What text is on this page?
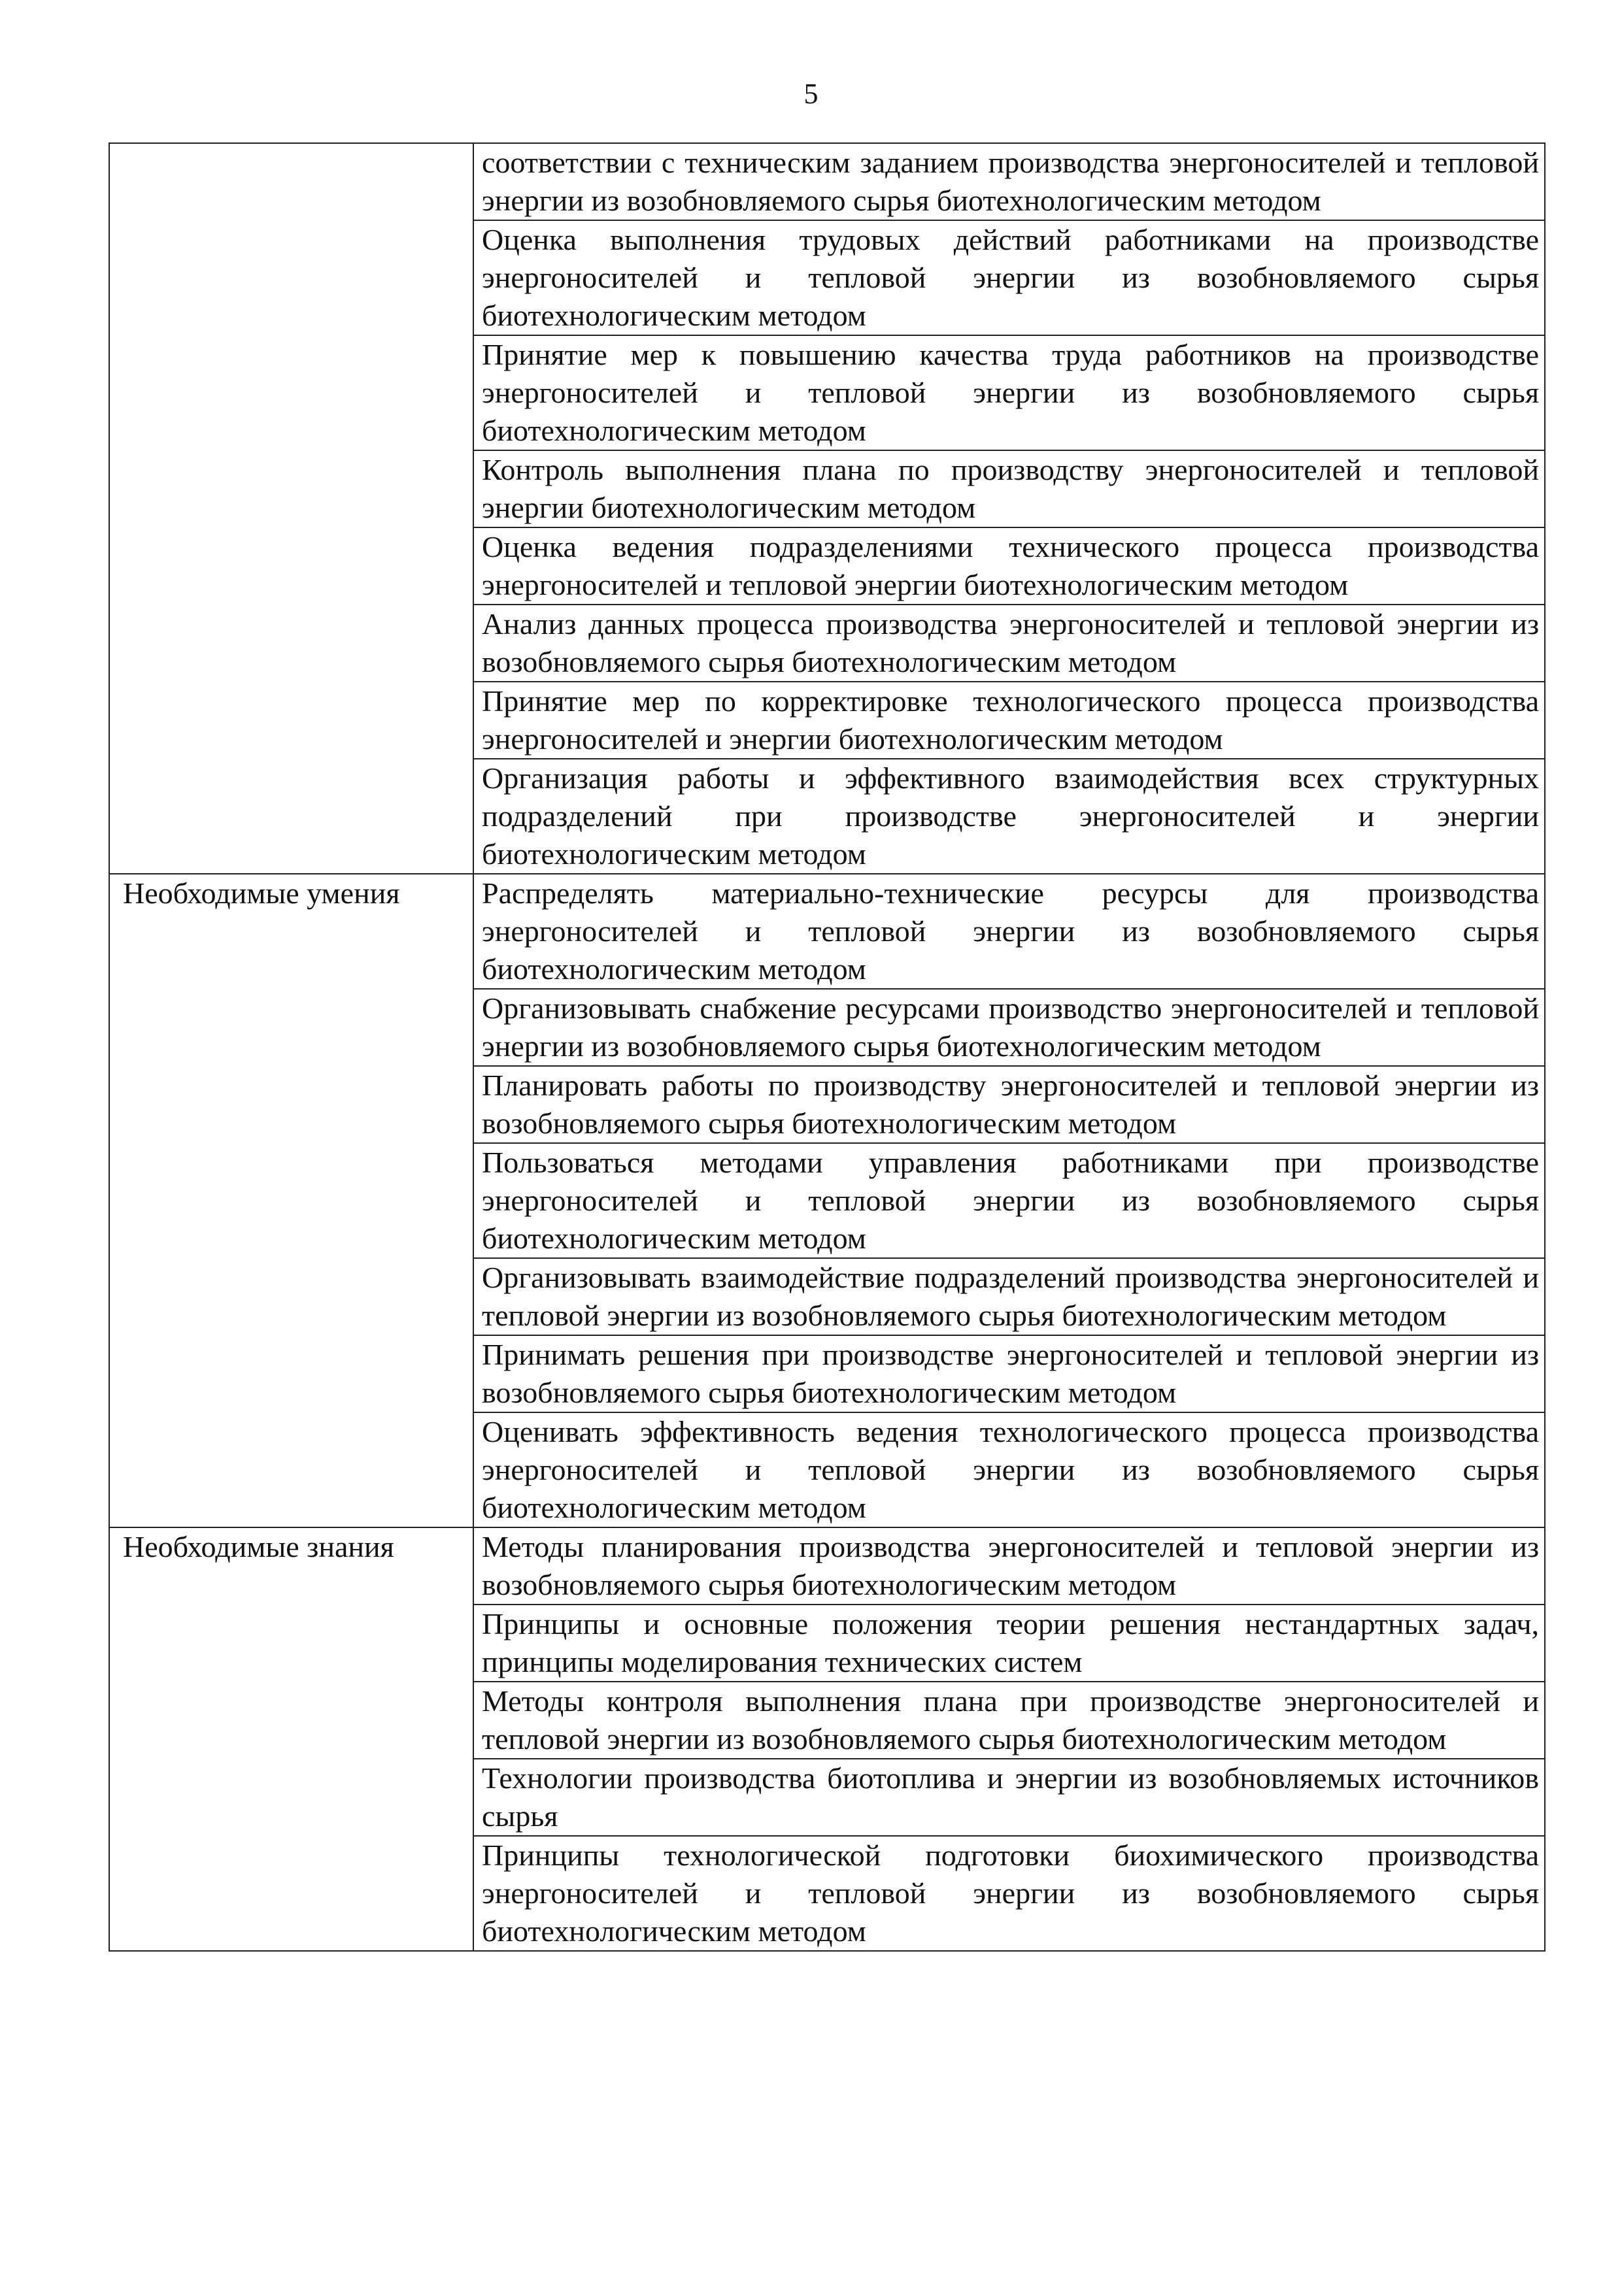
5
	соответствии с техническим заданием производства энергоносителей и тепловой энергии из возобновляемого сырья биотехнологическим методом
	Оценка выполнения трудовых действий работниками на производстве энергоносителей и тепловой энергии из возобновляемого сырья биотехнологическим методом
	Принятие мер к повышению качества труда работников на производстве энергоносителей и тепловой энергии из возобновляемого сырья биотехнологическим методом
	Контроль выполнения плана по производству энергоносителей и тепловой энергии биотехнологическим методом
	Оценка ведения подразделениями технического процесса производства энергоносителей и тепловой энергии биотехнологическим методом
	Анализ данных процесса производства энергоносителей и тепловой энергии из возобновляемого сырья биотехнологическим методом
	Принятие мер по корректировке технологического процесса производства энергоносителей и энергии биотехнологическим методом
	Организация работы и эффективного взаимодействия всех структурных подразделений при производстве энергоносителей и энергии биотехнологическим методом
Необходимые умения	Распределять материально-технические ресурсы для производства энергоносителей и тепловой энергии из возобновляемого сырья биотехнологическим методом
	Организовывать снабжение ресурсами производство энергоносителей и тепловой энергии из возобновляемого сырья биотехнологическим методом
	Планировать работы по производству энергоносителей и тепловой энергии из возобновляемого сырья биотехнологическим методом
	Пользоваться методами управления работниками при производстве энергоносителей и тепловой энергии из возобновляемого сырья биотехнологическим методом
	Организовывать взаимодействие подразделений производства энергоносителей и тепловой энергии из возобновляемого сырья биотехнологическим методом
	Принимать решения при производстве энергоносителей и тепловой энергии из возобновляемого сырья биотехнологическим методом
	Оценивать эффективность ведения технологического процесса производства энергоносителей и тепловой энергии из возобновляемого сырья биотехнологическим методом
Необходимые знания	Методы планирования производства энергоносителей и тепловой энергии из возобновляемого сырья биотехнологическим методом
	Принципы и основные положения теории решения нестандартных задач, принципы моделирования технических систем
	Методы контроля выполнения плана при производстве энергоносителей и тепловой энергии из возобновляемого сырья биотехнологическим методом
	Технологии производства биотоплива и энергии из возобновляемых источников сырья
	Принципы технологической подготовки биохимического производства энергоносителей и тепловой энергии из возобновляемого сырья биотехнологическим методом
